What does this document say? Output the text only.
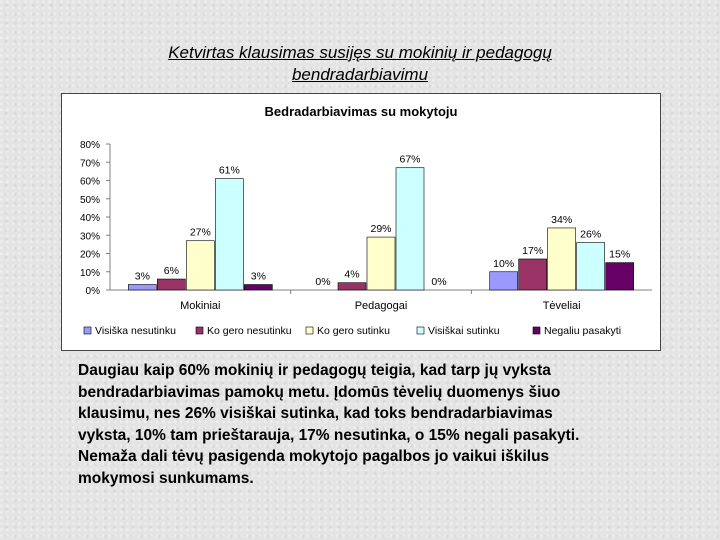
Ketvirtas klausimas susijęs su mokinių ir pedagogų
bendradarbiavimu
Bedradarbiavimas su mokytoju
0%
10%
20%
30%
40%
50%
60%
70%
80%
Mokiniai
3% 6%
27%
61%
3%
Pedagogai
0%
4%
29%
67%
0%
Tėveliai
10%
17%
34%
26%
15%
Visiška nesutinku	Ko gero nesutinku Ko gero sutinku	Visiškai sutinku	Negaliu pasakyti

Daugiau kaip 60% mokinių ir pedagogų teigia, kad tarp jų vyksta

bendradarbiavimas pamokų metu. Įdomūs tėvelių duomenys šiuo

klausimu, nes 26% visiškai sutinka, kad toks bendradarbiavimas

vyksta, 10% tam prieštarauja, 17% nesutinka, o 15% negali pasakyti.

Nemaža dali tėvų pasigenda mokytojo pagalbos jo vaikui iškilus

mokymosi sunkumams.
